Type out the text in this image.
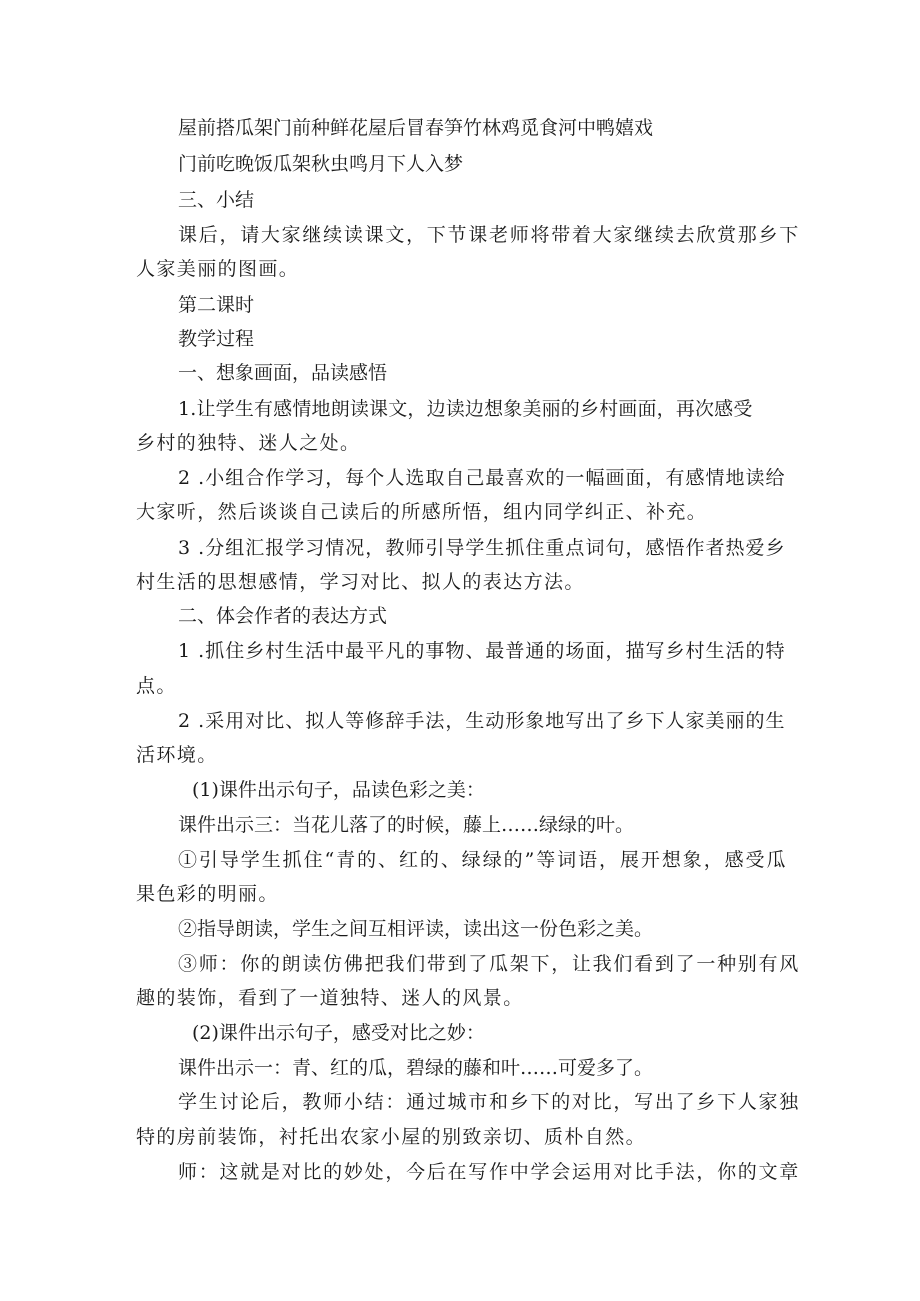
屋前搭瓜架门前种鲜花屋后冒春笋竹林鸡觅食河中鸭嬉戏
门前吃晚饭瓜架秋虫鸣月下人入梦
三、小结
课后，请大家继续读课文，下节课老师将带着大家继续去欣赏那乡下
人家美丽的图画。
第二课时
教学过程
一、想象画面，品读感悟
1.让学生有感情地朗读课文，边读边想象美丽的乡村画面，再次感受
乡村的独特、迷人之处。
2 .小组合作学习，每个人选取自己最喜欢的一幅画面，有感情地读给
大家听，然后谈谈自己读后的所感所悟，组内同学纠正、补充。
3 .分组汇报学习情况，教师引导学生抓住重点词句，感悟作者热爱乡
村生活的思想感情，学习对比、拟人的表达方法。
二、体会作者的表达方式
1 .抓住乡村生活中最平凡的事物、最普通的场面，描写乡村生活的特
点。
2 .采用对比、拟人等修辞手法，生动形象地写出了乡下人家美丽的生
活环境。
(1)课件出示句子，品读色彩之美：
课件出示三：当花儿落了的时候，藤上……绿绿的叶。
①引导学生抓住“青的、红的、绿绿的”等词语，展开想象，感受瓜
果色彩的明丽。
②指导朗读，学生之间互相评读，读出这一份色彩之美。
③师：你的朗读仿佛把我们带到了瓜架下，让我们看到了一种别有风
趣的装饰，看到了一道独特、迷人的风景。
(2)课件出示句子，感受对比之妙：
课件出示一：青、红的瓜，碧绿的藤和叶……可爱多了。
学生讨论后，教师小结：通过城市和乡下的对比，写出了乡下人家独
特的房前装饰，衬托出农家小屋的别致亲切、质朴自然。
师：这就是对比的妙处，今后在写作中学会运用对比手法，你的文章
